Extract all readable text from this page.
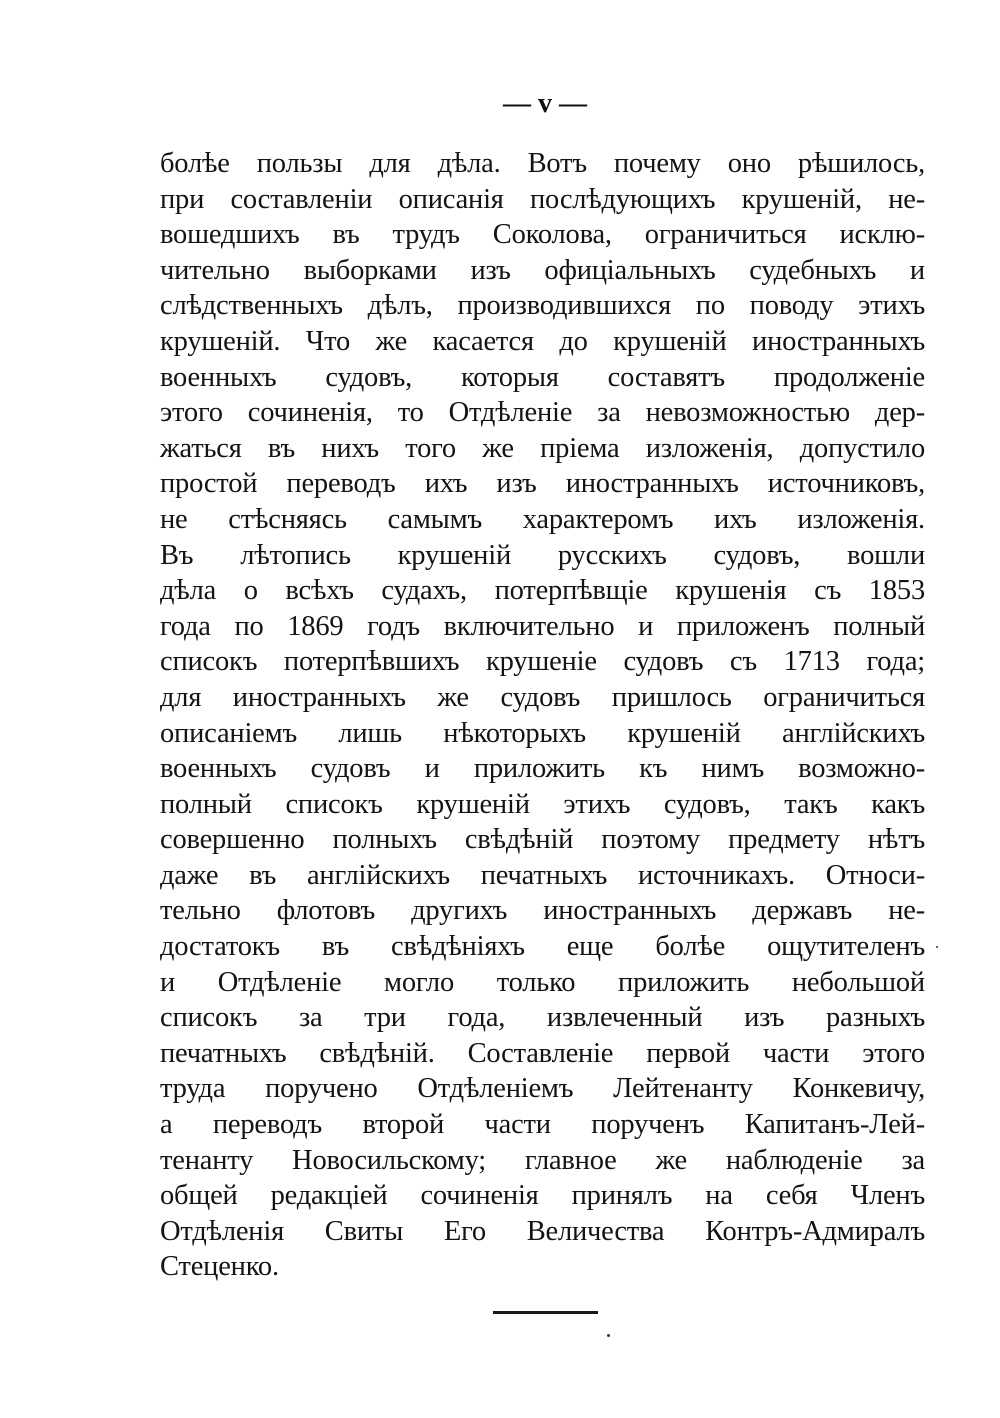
— v —
болѣе пользы для дѣла. Вотъ почему оно рѣшилось,
при составленіи описанія послѣдующихъ крушеній, не-
вошедшихъ въ трудъ Соколова, ограничиться исклю-
чительно выборками изъ офиціальныхъ судебныхъ и
слѣдственныхъ дѣлъ, производившихся по поводу этихъ
крушеній. Что же касается до крушеній иностранныхъ
военныхъ судовъ, которыя составятъ продолженіе
этого сочиненія, то Отдѣленіе за невозможностью дер-
жаться въ нихъ того же пріема изложенія, допустило
простой переводъ ихъ изъ иностранныхъ источниковъ,
не стѣсняясь самымъ характеромъ ихъ изложенія.
Въ лѣтопись крушеній русскихъ судовъ, вошли
дѣла о всѣхъ судахъ, потерпѣвщіе крушенія съ 1853
года по 1869 годъ включительно и приложенъ полный
списокъ потерпѣвшихъ крушеніе судовъ съ 1713 года;
для иностранныхъ же судовъ пришлось ограничиться
описаніемъ лишь нѣкоторыхъ крушеній англійскихъ
военныхъ судовъ и приложить къ нимъ возможно-
полный списокъ крушеній этихъ судовъ, такъ какъ
совершенно полныхъ свѣдѣній поэтому предмету нѣтъ
даже въ англійскихъ печатныхъ источникахъ. Относи-
тельно флотовъ другихъ иностранныхъ державъ не-
достатокъ въ свѣдѣніяхъ еще болѣе ощутителенъ
и Отдѣленіе могло только приложить небольшой
списокъ за три года, извлеченный изъ разныхъ
печатныхъ свѣдѣній. Составленіе первой части этого
труда поручено Отдѣленіемъ Лейтенанту Конкевичу,
а переводъ второй части порученъ Капитанъ-Лей-
тенанту Новосильскому; главное же наблюденіе за
общей редакціей сочиненія принялъ на себя Членъ
Отдѣленія Свиты Его Величества Контръ-Адмиралъ
Стеценко.
